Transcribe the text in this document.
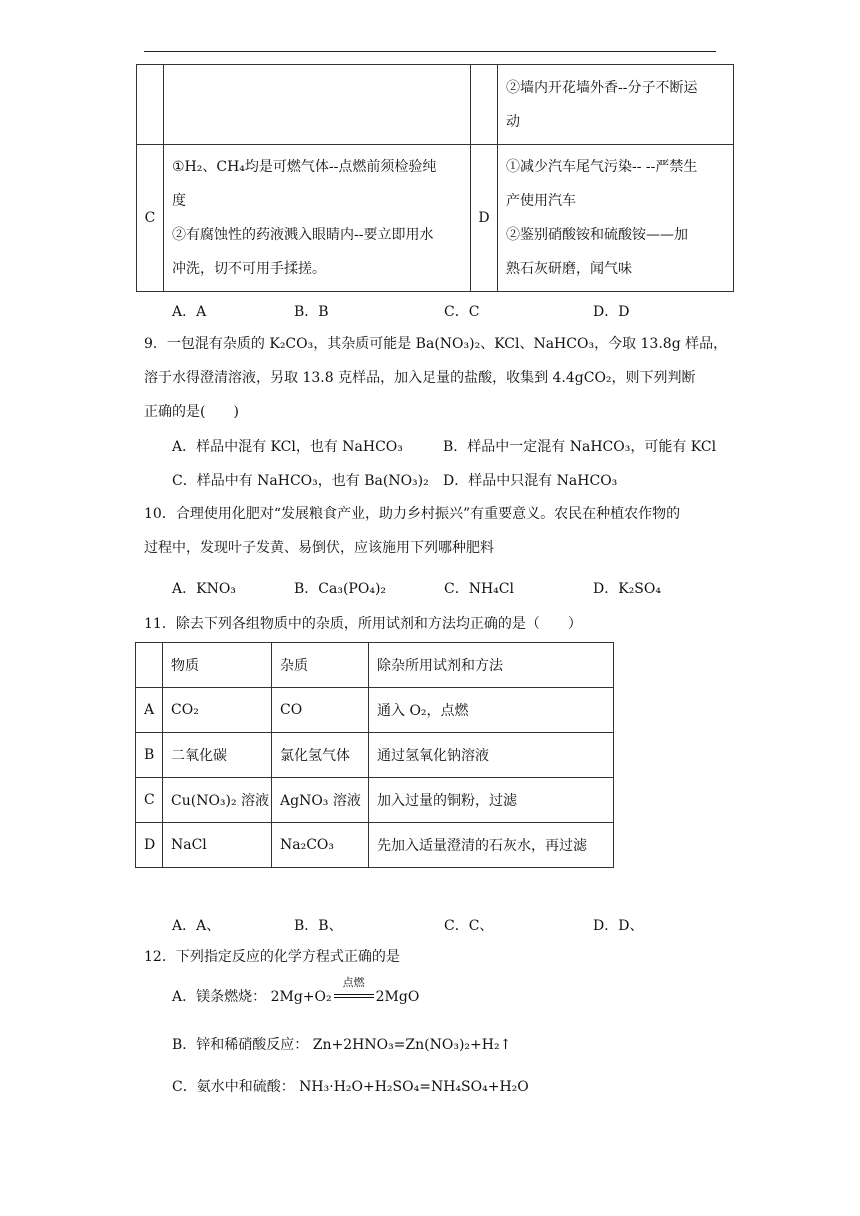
			②墙内开花墙外香--分子不断运
动

C	①H₂、CH₄均是可燃气体--点燃前须检验纯
度
②有腐蚀性的药液溅入眼睛内--要立即用水
冲洗，切不可用手揉搓。	D	①减少汽车尾气污染-- --严禁生
产使用汽车
②鉴别硝酸铵和硫酸铵——加
熟石灰研磨，闻气味
A．A	B．B	C．C	D．D
9．一包混有杂质的 K₂CO₃，其杂质可能是 Ba(NO₃)₂、KCl、NaHCO₃，今取 13.8g 样品，
溶于水得澄清溶液，另取 13.8 克样品，加入足量的盐酸，收集到 4.4gCO₂，则下列判断
正确的是(　　)
A．样品中混有 KCl，也有 NaHCO₃	B．样品中一定混有 NaHCO₃，可能有 KCl
C．样品中有 NaHCO₃，也有 Ba(NO₃)₂ D．样品中只混有 NaHCO₃
10．合理使用化肥对“发展粮食产业，助力乡村振兴”有重要意义。农民在种植农作物的
过程中，发现叶子发黄、易倒伏，应该施用下列哪种肥料
A．KNO₃	B．Ca₃(PO₄)₂	C．NH₄Cl	D．K₂SO₄
11．除去下列各组物质中的杂质，所用试剂和方法均正确的是（　　）
	物质	杂质	除杂所用试剂和方法
A	CO₂	CO	通入 O₂，点燃
B	二氧化碳	氯化氢气体	通过氢氧化钠溶液
C	Cu(NO₃)₂ 溶液	AgNO₃ 溶液	加入过量的铜粉，过滤
D	NaCl	Na₂CO₃	先加入适量澄清的石灰水，再过滤
A．A、	B．B、	C．C、	D．D、
12．下列指定反应的化学方程式正确的是
A．镁条燃烧： 2Mg+O₂
点燃
2MgO
B．锌和稀硝酸反应： Zn+2HNO₃=Zn(NO₃)₂+H₂↑
C．氨水中和硫酸： NH₃·H₂O+H₂SO₄=NH₄SO₄+H₂O
